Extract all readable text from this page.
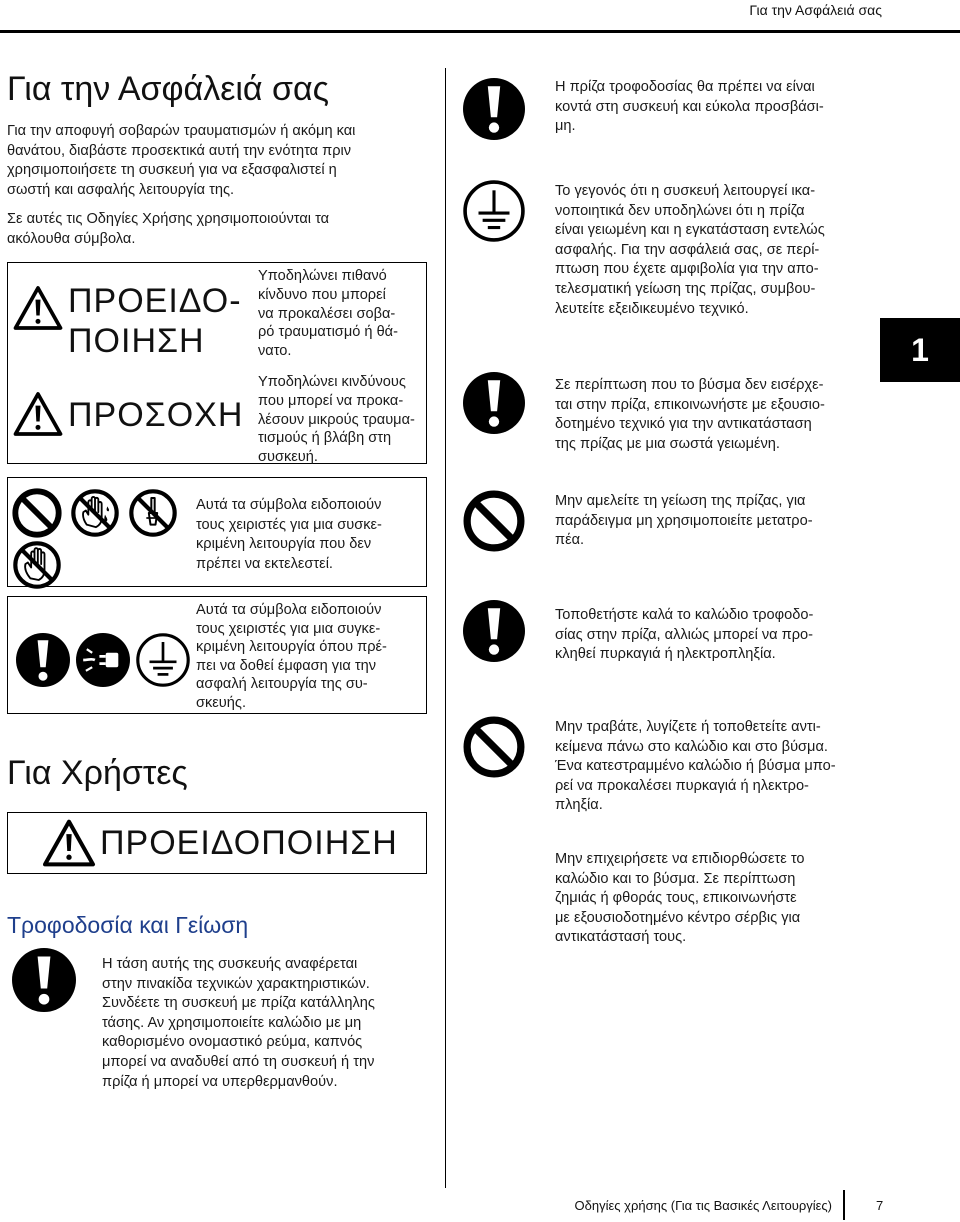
Για την Ασφάλειά σας
Για την Ασφάλειά σας
Για την αποφυγή σοβαρών τραυματισμών ή ακόμη και
θανάτου, διαβάστε προσεκτικά αυτή την ενότητα πριν
χρησιμοποιήσετε τη συσκευή για να εξασφαλιστεί η
σωστή και ασφαλής λειτουργία της.
Σε αυτές τις Οδηγίες Χρήσης χρησιμοποιούνται τα
ακόλουθα σύμβολα.
ΠΡΟΕΙΔΟ-
ΠΟΙΗΣΗ
Υποδηλώνει πιθανό
κίνδυνο που μπορεί
να προκαλέσει σοβα-
ρό τραυματισμό ή θά-
νατο.
ΠΡΟΣΟΧΗ
Υποδηλώνει κινδύνους
που μπορεί να προκα-
λέσουν μικρούς τραυμα-
τισμούς ή βλάβη στη
συσκευή.
Αυτά τα σύμβολα ειδοποιούν
τους χειριστές για μια συσκε-
κριμένη λειτουργία που δεν
πρέπει να εκτελεστεί.
Αυτά τα σύμβολα ειδοποιούν
τους χειριστές για μια συγκε-
κριμένη λειτουργία όπου πρέ-
πει να δοθεί έμφαση για την
ασφαλή λειτουργία της συ-
σκευής.
Για Χρήστες
ΠΡΟΕΙΔΟΠΟΙΗΣΗ
Τροφοδοσία και Γείωση
Η τάση αυτής της συσκευής αναφέρεται
στην πινακίδα τεχνικών χαρακτηριστικών.
Συνδέετε τη συσκευή με πρίζα κατάλληλης
τάσης. Αν χρησιμοποιείτε καλώδιο με μη
καθορισμένο ονομαστικό ρεύμα, καπνός
μπορεί να αναδυθεί από τη συσκευή ή την
πρίζα ή μπορεί να υπερθερμανθούν.
Η πρίζα τροφοδοσίας θα πρέπει να είναι
κοντά στη συσκευή και εύκολα προσβάσι-
μη.
Το γεγονός ότι η συσκευή λειτουργεί ικα-
νοποιητικά δεν υποδηλώνει ότι η πρίζα
είναι γειωμένη και η εγκατάσταση εντελώς
ασφαλής. Για την ασφάλειά σας, σε περί-
πτωση που έχετε αμφιβολία για την απο-
τελεσματική γείωση της πρίζας, συμβου-
λευτείτε εξειδικευμένο τεχνικό.
Σε περίπτωση που το βύσμα δεν εισέρχε-
ται στην πρίζα, επικοινωνήστε με εξουσιο-
δοτημένο τεχνικό για την αντικατάσταση
της πρίζας με μια σωστά γειωμένη.
Μην αμελείτε τη γείωση της πρίζας, για
παράδειγμα μη χρησιμοποιείτε μετατρο-
πέα.
Τοποθετήστε καλά το καλώδιο τροφοδο-
σίας στην πρίζα, αλλιώς μπορεί να προ-
κληθεί πυρκαγιά ή ηλεκτροπληξία.
Μην τραβάτε, λυγίζετε ή τοποθετείτε αντι-
κείμενα πάνω στο καλώδιο και στο βύσμα.
Ένα κατεστραμμένο καλώδιο ή βύσμα μπο-
ρεί να προκαλέσει πυρκαγιά ή ηλεκτρο-
πληξία.
Μην επιχειρήσετε να επιδιορθώσετε το
καλώδιο και το βύσμα. Σε περίπτωση
ζημιάς ή φθοράς τους, επικοινωνήστε
με εξουσιοδοτημένο κέντρο σέρβις για
αντικατάστασή τους.
1
Οδηγίες χρήσης (Για τις Βασικές Λειτουργίες)	7
